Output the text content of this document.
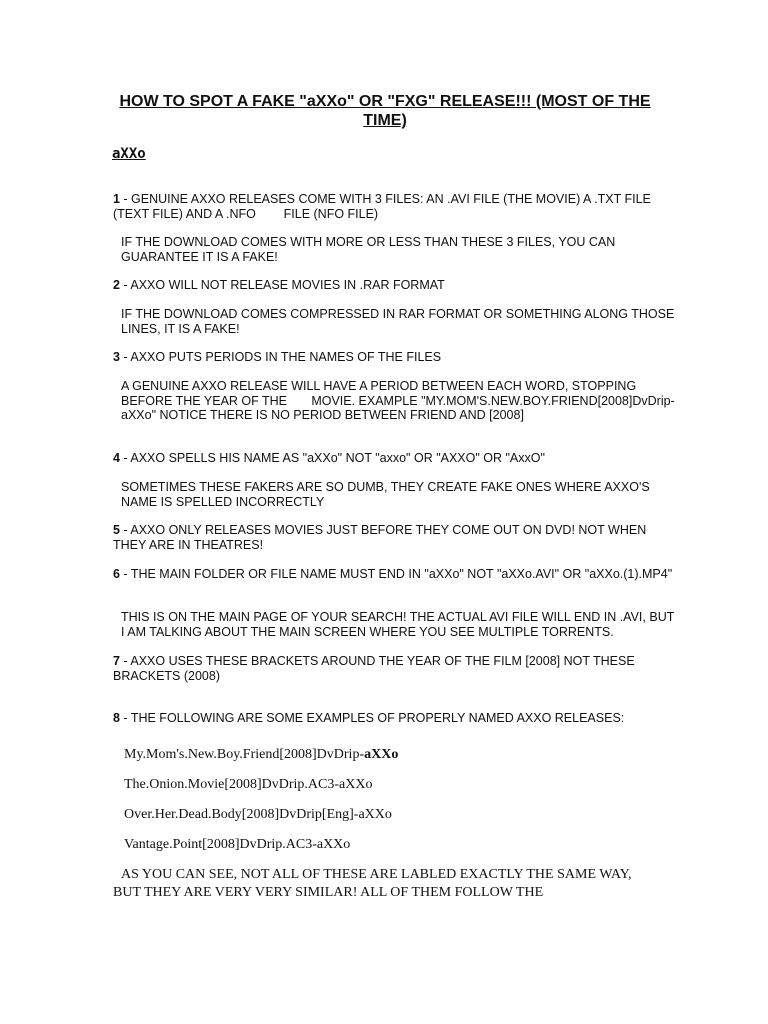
HOW TO SPOT A FAKE "aXXo" OR "FXG" RELEASE!!! (MOST OF THE TIME)
aXXo
1 - GENUINE AXXO RELEASES COME WITH 3 FILES: AN .AVI FILE (THE MOVIE) A .TXT FILE (TEXT FILE) AND A .NFO        FILE (NFO FILE)
IF THE DOWNLOAD COMES WITH MORE OR LESS THAN THESE 3 FILES, YOU CAN GUARANTEE IT IS A FAKE!
2 - AXXO WILL NOT RELEASE MOVIES IN .RAR FORMAT
IF THE DOWNLOAD COMES COMPRESSED IN RAR FORMAT OR SOMETHING ALONG THOSE LINES, IT IS A FAKE!
3 - AXXO PUTS PERIODS IN THE NAMES OF THE FILES
A GENUINE AXXO RELEASE WILL HAVE A PERIOD BETWEEN EACH WORD, STOPPING BEFORE THE YEAR OF THE       MOVIE. EXAMPLE "MY.MOM'S.NEW.BOY.FRIEND[2008]DvDrip-aXXo" NOTICE THERE IS NO PERIOD BETWEEN FRIEND AND [2008]
4 - AXXO SPELLS HIS NAME AS "aXXo" NOT "axxo" OR "AXXO" OR "AxxO"
SOMETIMES THESE FAKERS ARE SO DUMB, THEY CREATE FAKE ONES WHERE AXXO'S NAME IS SPELLED INCORRECTLY
5 - AXXO ONLY RELEASES MOVIES JUST BEFORE THEY COME OUT ON DVD! NOT WHEN THEY ARE IN THEATRES!
6 - THE MAIN FOLDER OR FILE NAME MUST END IN "aXXo" NOT "aXXo.AVI" OR "aXXo.(1).MP4"
THIS IS ON THE MAIN PAGE OF YOUR SEARCH! THE ACTUAL AVI FILE WILL END IN .AVI, BUT I AM TALKING ABOUT THE MAIN SCREEN WHERE YOU SEE MULTIPLE TORRENTS.
7 - AXXO USES THESE BRACKETS AROUND THE YEAR OF THE FILM [2008] NOT THESE BRACKETS (2008)
8 - THE FOLLOWING ARE SOME EXAMPLES OF PROPERLY NAMED AXXO RELEASES:
My.Mom's.New.Boy.Friend[2008]DvDrip-aXXo
The.Onion.Movie[2008]DvDrip.AC3-aXXo
Over.Her.Dead.Body[2008]DvDrip[Eng]-aXXo
Vantage.Point[2008]DvDrip.AC3-aXXo
AS YOU CAN SEE, NOT ALL OF THESE ARE LABLED EXACTLY THE SAME WAY, BUT THEY ARE VERY VERY SIMILAR! ALL OF THEM FOLLOW THE
